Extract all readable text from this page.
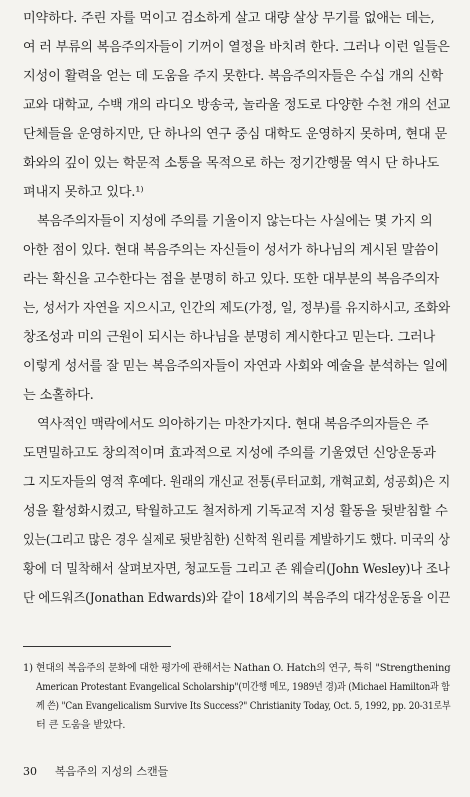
미약하다. 주린 자를 먹이고 검소하게 살고 대량 살상 무기를 없애는 데는,
여 러 부류의 복음주의자들이 기꺼이 열정을 바치려 한다. 그러나 이런 일들은
지성이 활력을 얻는 데 도움을 주지 못한다. 복음주의자들은 수십 개의 신학
교와 대학교, 수백 개의 라디오 방송국, 놀라울 정도로 다양한 수천 개의 선교
단체들을 운영하지만, 단 하나의 연구 중심 대학도 운영하지 못하며, 현대 문
화와의 깊이 있는 학문적 소통을 목적으로 하는 정기간행물 역시 단 하나도
펴내지 못하고 있다.¹⁾
복음주의자들이 지성에 주의를 기울이지 않는다는 사실에는 몇 가지 의
아한 점이 있다. 현대 복음주의는 자신들이 성서가 하나님의 계시된 말씀이
라는 확신을 고수한다는 점을 분명히 하고 있다. 또한 대부분의 복음주의자
는, 성서가 자연을 지으시고, 인간의 제도(가정, 일, 정부)를 유지하시고, 조화와
창조성과 미의 근원이 되시는 하나님을 분명히 계시한다고 믿는다. 그러나
이렇게 성서를 잘 믿는 복음주의자들이 자연과 사회와 예술을 분석하는 일에
는 소홀하다.
역사적인 맥락에서도 의아하기는 마찬가지다. 현대 복음주의자들은 주
도면밀하고도 창의적이며 효과적으로 지성에 주의를 기울였던 신앙운동과
그 지도자들의 영적 후예다. 원래의 개신교 전통(루터교회, 개혁교회, 성공회)은 지
성을 활성화시켰고, 탁월하고도 철저하게 기독교적 지성 활동을 뒷받침할 수
있는(그리고 많은 경우 실제로 뒷받침한) 신학적 원리를 계발하기도 했다. 미국의 상
황에 더 밀착해서 살펴보자면, 청교도들 그리고 존 웨슬리(John Wesley)나 조나
단 에드워즈(Jonathan Edwards)와 같이 18세기의 복음주의 대각성운동을 이끈
1) 현대의 복음주의 문화에 대한 평가에 관해서는 Nathan O. Hatch의 연구, 특히 "Strengthening
American Protestant Evangelical Scholarship"(미간행 메모, 1989년 경)과 (Michael Hamilton과 함
께 쓴) "Can Evangelicalism Survive Its Success?" Christianity Today, Oct. 5, 1992, pp. 20-31로부
터 큰 도움을 받았다.
30 복음주의 지성의 스캔들
